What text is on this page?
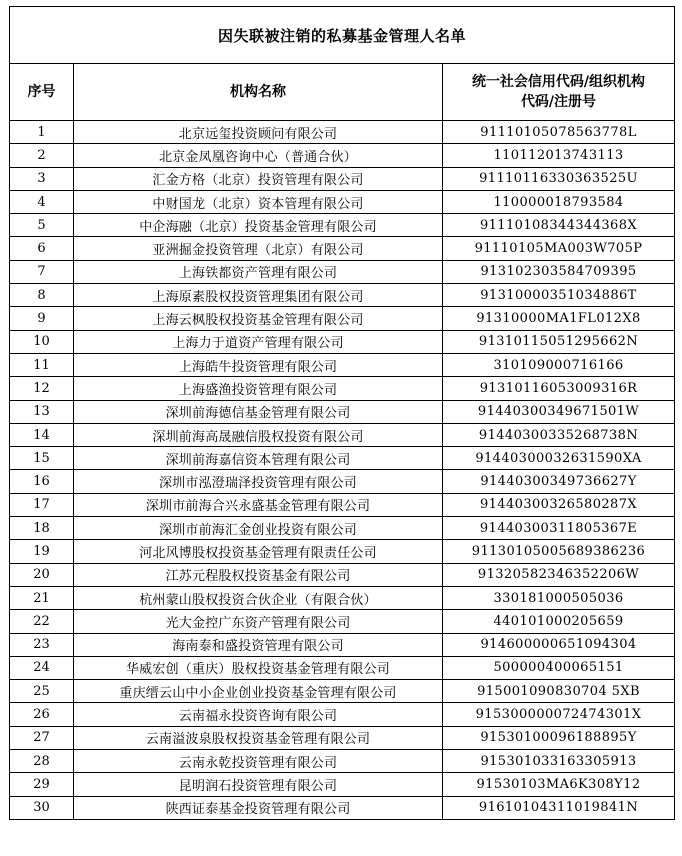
因失联被注销的私募基金管理人名单		
序号	机构名称	统一社会信用代码/组织机构
代码/注册号

1	北京远玺投资顾问有限公司	91110105078563778L
2	北京金凤凰咨询中心（普通合伙）	110112013743113
3	汇金方格（北京）投资管理有限公司	91110116330363525U
4	中财国龙（北京）资本管理有限公司	110000018793584
5	中企海融（北京）投资基金管理有限公司	91110108344344368X
6	亚洲掘金投资管理（北京）有限公司	91110105MA003W705P
7	上海铁都资产管理有限公司	913102303584709395
8	上海原素股权投资管理集团有限公司	91310000351034886T
9	上海云枫股权投资基金管理有限公司	91310000MA1FL012X8
10	上海力于道资产管理有限公司	91310115051295662N
11	上海皓牛投资管理有限公司	310109000716166
12	上海盛渔投资管理有限公司	91310116053009316R
13	深圳前海德信基金管理有限公司	91440300349671501W
14	深圳前海高晟融信股权投资有限公司	91440300335268738N
15	深圳前海嘉信资本管理有限公司	91440300032631590XA
16	深圳市泓澄瑞泽投资管理有限公司	91440300349736627Y
17	深圳市前海合兴永盛基金管理有限公司	91440300326580287X
18	深圳市前海汇金创业投资有限公司	91440300311805367E
19	河北风博股权投资基金管理有限责任公司	91130105005689386236
20	江苏元程股权投资基金有限公司	91320582346352206W
21	杭州蒙山股权投资合伙企业（有限合伙）	330181000505036
22	光大金控广东资产管理有限公司	440101000205659
23	海南泰和盛投资管理有限公司	914600000651094304
24	华威宏创（重庆）股权投资基金管理有限公司	500000400065151
25	重庆缙云山中小企业创业投资基金管理有限公司	915001090830704 5XB
26	云南福永投资咨询有限公司	915300000072474301X
27	云南溢波泉股权投资基金管理有限公司	91530100096188895Y
28	云南永乾投资管理有限公司	915301033163305913
29	昆明润石投资管理有限公司	91530103MA6K308Y12
30	陕西证泰基金投资管理有限公司	91610104311019841N
